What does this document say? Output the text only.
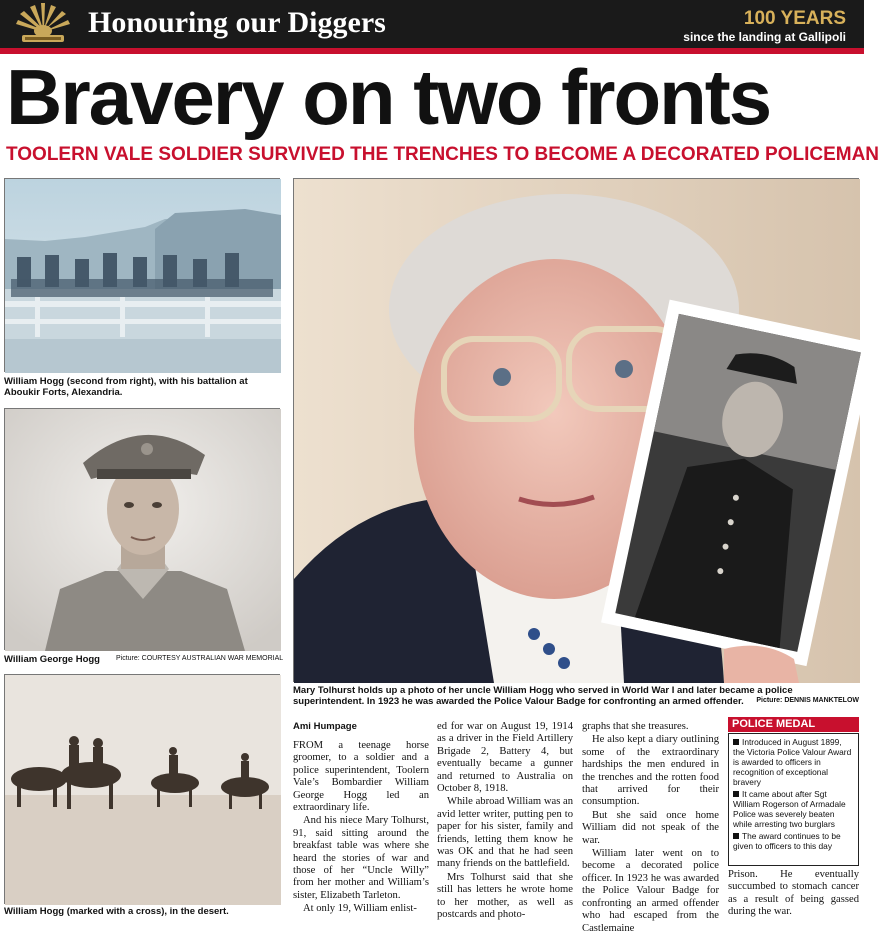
Honouring our Diggers	100 YEARS
since the landing at Gallipoli
Bravery on two fronts
TOOLERN VALE SOLDIER SURVIVED THE TRENCHES TO BECOME A DECORATED POLICEMAN
William Hogg (second from right), with his battalion at Aboukir Forts, Alexandria.
William George Hogg	Picture: COURTESY AUSTRALIAN WAR MEMORIAL
William Hogg (marked with a cross), in the desert.
Mary Tolhurst holds up a photo of her uncle William Hogg who served in World War I and later became a police superintendent. In 1923 he was awarded the Police Valour Badge for confronting an armed offender.	Picture: DENNIS MANKTELOW
Ami Humpage

FROM a teenage horse groomer, to a soldier and a police superintendent, Toolern Vale’s Bombardier William George Hogg led an extraordinary life.

And his niece Mary Tolhurst, 91, said sitting around the breakfast table was where she heard the stories of war and those of her “Uncle Willy” from her mother and William’s sister, Elizabeth Tarleton.

At only 19, William enlist-

ed for war on August 19, 1914 as a driver in the Field Artillery Brigade 2, Battery 4, but eventually became a gunner and returned to Australia on October 8, 1918.

While abroad William was an avid letter writer, putting pen to paper for his sister, family and friends, letting them know he was OK and that he had seen many friends on the battlefield.

Mrs Tolhurst said that she still has letters he wrote home to her mother, as well as postcards and photo-

graphs that she treasures.

He also kept a diary outlining some of the extraordinary hardships the men endured in the trenches and the rotten food that arrived for their consumption.

But she said once home William did not speak of the war.

William later went on to become a decorated police officer. In 1923 he was awarded the Police Valour Badge for confronting an armed offender who had escaped from the Castlemaine

Prison. He eventually succumbed to stomach cancer as a result of being gassed during the war.

POLICE MEDAL
Introduced in August 1899, the Victoria Police Valour Award is awarded to officers in recognition of exceptional bravery
It came about after Sgt William Rogerson of Armadale Police was severely beaten while arresting two burglars
The award continues to be given to officers to this day
